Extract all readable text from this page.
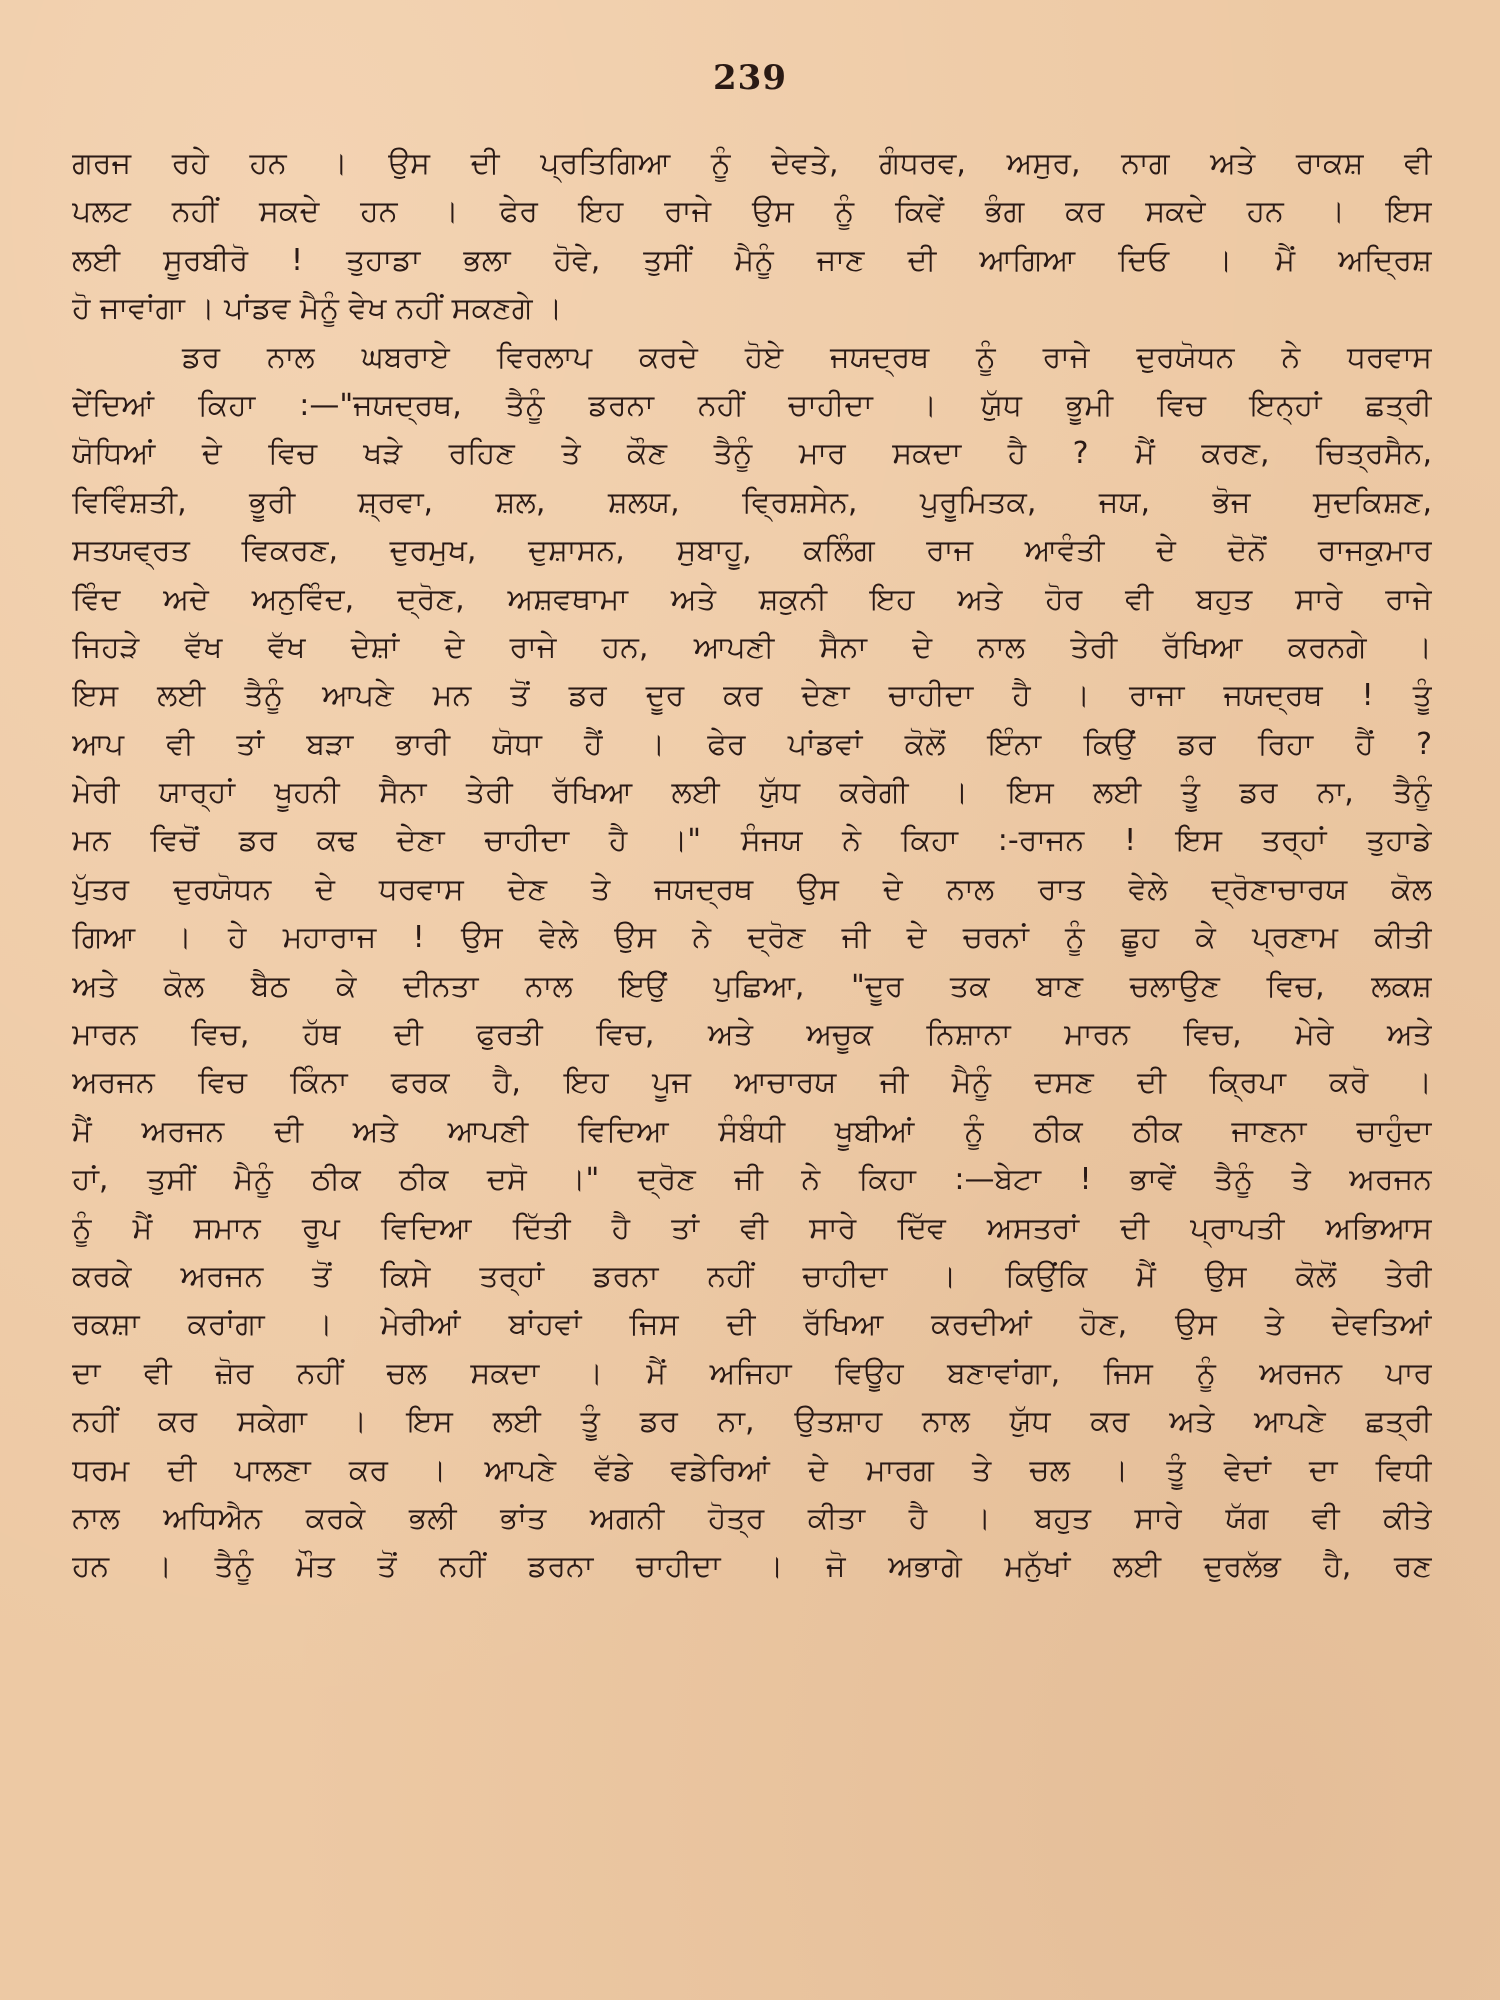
239
ਗਰਜ ਰਹੇ ਹਨ । ਉਸ ਦੀ ਪ੍ਰਤਿਗਿਆ ਨੂੰ ਦੇਵਤੇ, ਗੰਧਰਵ, ਅਸੁਰ, ਨਾਗ ਅਤੇ ਰਾਕਸ਼ ਵੀ
ਪਲਟ ਨਹੀਂ ਸਕਦੇ ਹਨ । ਫੇਰ ਇਹ ਰਾਜੇ ਉਸ ਨੂੰ ਕਿਵੇਂ ਭੰਗ ਕਰ ਸਕਦੇ ਹਨ । ਇਸ
ਲਈ ਸੂਰਬੀਰੋ ! ਤੁਹਾਡਾ ਭਲਾ ਹੋਵੇ, ਤੁਸੀਂ ਮੈਨੂੰ ਜਾਣ ਦੀ ਆਗਿਆ ਦਿਓ । ਮੈਂ ਅਦ੍ਰਿਸ਼
ਹੋ ਜਾਵਾਂਗਾ । ਪਾਂਡਵ ਮੈਨੂੰ ਵੇਖ ਨਹੀਂ ਸਕਣਗੇ ।
ਡਰ ਨਾਲ ਘਬਰਾਏ ਵਿਰਲਾਪ ਕਰਦੇ ਹੋਏ ਜਯਦ੍ਰਥ ਨੂੰ ਰਾਜੇ ਦੁਰਯੋਧਨ ਨੇ ਧਰਵਾਸ
ਦੇਂਦਿਆਂ ਕਿਹਾ :—"ਜਯਦ੍ਰਥ, ਤੈਨੂੰ ਡਰਨਾ ਨਹੀਂ ਚਾਹੀਦਾ । ਯੁੱਧ ਭੂਮੀ ਵਿਚ ਇਨ੍ਹਾਂ ਛਤ੍ਰੀ
ਯੋਧਿਆਂ ਦੇ ਵਿਚ ਖੜੇ ਰਹਿਣ ਤੇ ਕੌਣ ਤੈਨੂੰ ਮਾਰ ਸਕਦਾ ਹੈ ? ਮੈਂ ਕਰਣ, ਚਿਤ੍ਰਸੈਨ,
ਵਿਵਿੰਸ਼ਤੀ, ਭੂਰੀ ਸ਼੍ਰਵਾ, ਸ਼ਲ, ਸ਼ਲਯ, ਵ੍ਰਿਸ਼ਸੇਨ, ਪੁਰੂਮਿਤਕ, ਜਯ, ਭੋਜ ਸੁਦਕਿਸ਼ਣ,
ਸਤਯਵ੍ਰਤ ਵਿਕਰਣ, ਦੁਰਮੁਖ, ਦੁਸ਼ਾਸਨ, ਸੁਬਾਹੂ, ਕਲਿੰਗ ਰਾਜ ਆਵੰਤੀ ਦੇ ਦੋਨੋਂ ਰਾਜਕੁਮਾਰ
ਵਿੰਦ ਅਦੇ ਅਨੁਵਿੰਦ, ਦ੍ਰੋਣ, ਅਸ਼ਵਥਾਮਾ ਅਤੇ ਸ਼ਕੁਨੀ ਇਹ ਅਤੇ ਹੋਰ ਵੀ ਬਹੁਤ ਸਾਰੇ ਰਾਜੇ
ਜਿਹੜੇ ਵੱਖ ਵੱਖ ਦੇਸ਼ਾਂ ਦੇ ਰਾਜੇ ਹਨ, ਆਪਣੀ ਸੈਨਾ ਦੇ ਨਾਲ ਤੇਰੀ ਰੱਖਿਆ ਕਰਨਗੇ ।
ਇਸ ਲਈ ਤੈਨੂੰ ਆਪਣੇ ਮਨ ਤੋਂ ਡਰ ਦੂਰ ਕਰ ਦੇਣਾ ਚਾਹੀਦਾ ਹੈ । ਰਾਜਾ ਜਯਦ੍ਰਥ ! ਤੂੰ
ਆਪ ਵੀ ਤਾਂ ਬੜਾ ਭਾਰੀ ਯੋਧਾ ਹੈਂ । ਫੇਰ ਪਾਂਡਵਾਂ ਕੋਲੋਂ ਇੰਨਾ ਕਿਉਂ ਡਰ ਰਿਹਾ ਹੈਂ ?
ਮੇਰੀ ਯਾਰ੍ਹਾਂ ਖੂਹਨੀ ਸੈਨਾ ਤੇਰੀ ਰੱਖਿਆ ਲਈ ਯੁੱਧ ਕਰੇਗੀ । ਇਸ ਲਈ ਤੂੰ ਡਰ ਨਾ, ਤੈਨੂੰ
ਮਨ ਵਿਚੋਂ ਡਰ ਕਢ ਦੇਣਾ ਚਾਹੀਦਾ ਹੈ ।" ਸੰਜਯ ਨੇ ਕਿਹਾ :-ਰਾਜਨ ! ਇਸ ਤਰ੍ਹਾਂ ਤੁਹਾਡੇ
ਪੁੱਤਰ ਦੁਰਯੋਧਨ ਦੇ ਧਰਵਾਸ ਦੇਣ ਤੇ ਜਯਦ੍ਰਥ ਉਸ ਦੇ ਨਾਲ ਰਾਤ ਵੇਲੇ ਦ੍ਰੋਣਾਚਾਰਯ ਕੋਲ
ਗਿਆ । ਹੇ ਮਹਾਰਾਜ ! ਉਸ ਵੇਲੇ ਉਸ ਨੇ ਦ੍ਰੋਣ ਜੀ ਦੇ ਚਰਨਾਂ ਨੂੰ ਛੂਹ ਕੇ ਪ੍ਰਣਾਮ ਕੀਤੀ
ਅਤੇ ਕੋਲ ਬੈਠ ਕੇ ਦੀਨਤਾ ਨਾਲ ਇਉਂ ਪੁਛਿਆ, "ਦੂਰ ਤਕ ਬਾਣ ਚਲਾਉਣ ਵਿਚ, ਲਕਸ਼
ਮਾਰਨ ਵਿਚ, ਹੱਥ ਦੀ ਫੁਰਤੀ ਵਿਚ, ਅਤੇ ਅਚੂਕ ਨਿਸ਼ਾਨਾ ਮਾਰਨ ਵਿਚ, ਮੇਰੇ ਅਤੇ
ਅਰਜਨ ਵਿਚ ਕਿੰਨਾ ਫਰਕ ਹੈ, ਇਹ ਪੂਜ ਆਚਾਰਯ ਜੀ ਮੈਨੂੰ ਦਸਣ ਦੀ ਕ੍ਰਿਪਾ ਕਰੋ ।
ਮੈਂ ਅਰਜਨ ਦੀ ਅਤੇ ਆਪਣੀ ਵਿਦਿਆ ਸੰਬੰਧੀ ਖੂਬੀਆਂ ਨੂੰ ਠੀਕ ਠੀਕ ਜਾਣਨਾ ਚਾਹੁੰਦਾ
ਹਾਂ, ਤੁਸੀਂ ਮੈਨੂੰ ਠੀਕ ਠੀਕ ਦਸੋ ।" ਦ੍ਰੋਣ ਜੀ ਨੇ ਕਿਹਾ :—ਬੇਟਾ ! ਭਾਵੇਂ ਤੈਨੂੰ ਤੇ ਅਰਜਨ
ਨੂੰ ਮੈਂ ਸਮਾਨ ਰੂਪ ਵਿਦਿਆ ਦਿੱਤੀ ਹੈ ਤਾਂ ਵੀ ਸਾਰੇ ਦਿੱਵ ਅਸਤਰਾਂ ਦੀ ਪ੍ਰਾਪਤੀ ਅਭਿਆਸ
ਕਰਕੇ ਅਰਜਨ ਤੋਂ ਕਿਸੇ ਤਰ੍ਹਾਂ ਡਰਨਾ ਨਹੀਂ ਚਾਹੀਦਾ । ਕਿਉਂਕਿ ਮੈਂ ਉਸ ਕੋਲੋਂ ਤੇਰੀ
ਰਕਸ਼ਾ ਕਰਾਂਗਾ । ਮੇਰੀਆਂ ਬਾਂਹਵਾਂ ਜਿਸ ਦੀ ਰੱਖਿਆ ਕਰਦੀਆਂ ਹੋਣ, ਉਸ ਤੇ ਦੇਵਤਿਆਂ
ਦਾ ਵੀ ਜ਼ੋਰ ਨਹੀਂ ਚਲ ਸਕਦਾ । ਮੈਂ ਅਜਿਹਾ ਵਿਊਹ ਬਣਾਵਾਂਗਾ, ਜਿਸ ਨੂੰ ਅਰਜਨ ਪਾਰ
ਨਹੀਂ ਕਰ ਸਕੇਗਾ । ਇਸ ਲਈ ਤੂੰ ਡਰ ਨਾ, ਉਤਸ਼ਾਹ ਨਾਲ ਯੁੱਧ ਕਰ ਅਤੇ ਆਪਣੇ ਛਤ੍ਰੀ
ਧਰਮ ਦੀ ਪਾਲਣਾ ਕਰ । ਆਪਣੇ ਵੱਡੇ ਵਡੇਰਿਆਂ ਦੇ ਮਾਰਗ ਤੇ ਚਲ । ਤੂੰ ਵੇਦਾਂ ਦਾ ਵਿਧੀ
ਨਾਲ ਅਧਿਐਨ ਕਰਕੇ ਭਲੀ ਭਾਂਤ ਅਗਨੀ ਹੋਤ੍ਰ ਕੀਤਾ ਹੈ । ਬਹੁਤ ਸਾਰੇ ਯੱਗ ਵੀ ਕੀਤੇ
ਹਨ । ਤੈਨੂੰ ਮੌਤ ਤੋਂ ਨਹੀਂ ਡਰਨਾ ਚਾਹੀਦਾ । ਜੋ ਅਭਾਗੇ ਮਨੁੱਖਾਂ ਲਈ ਦੁਰਲੱਭ ਹੈ, ਰਣ
